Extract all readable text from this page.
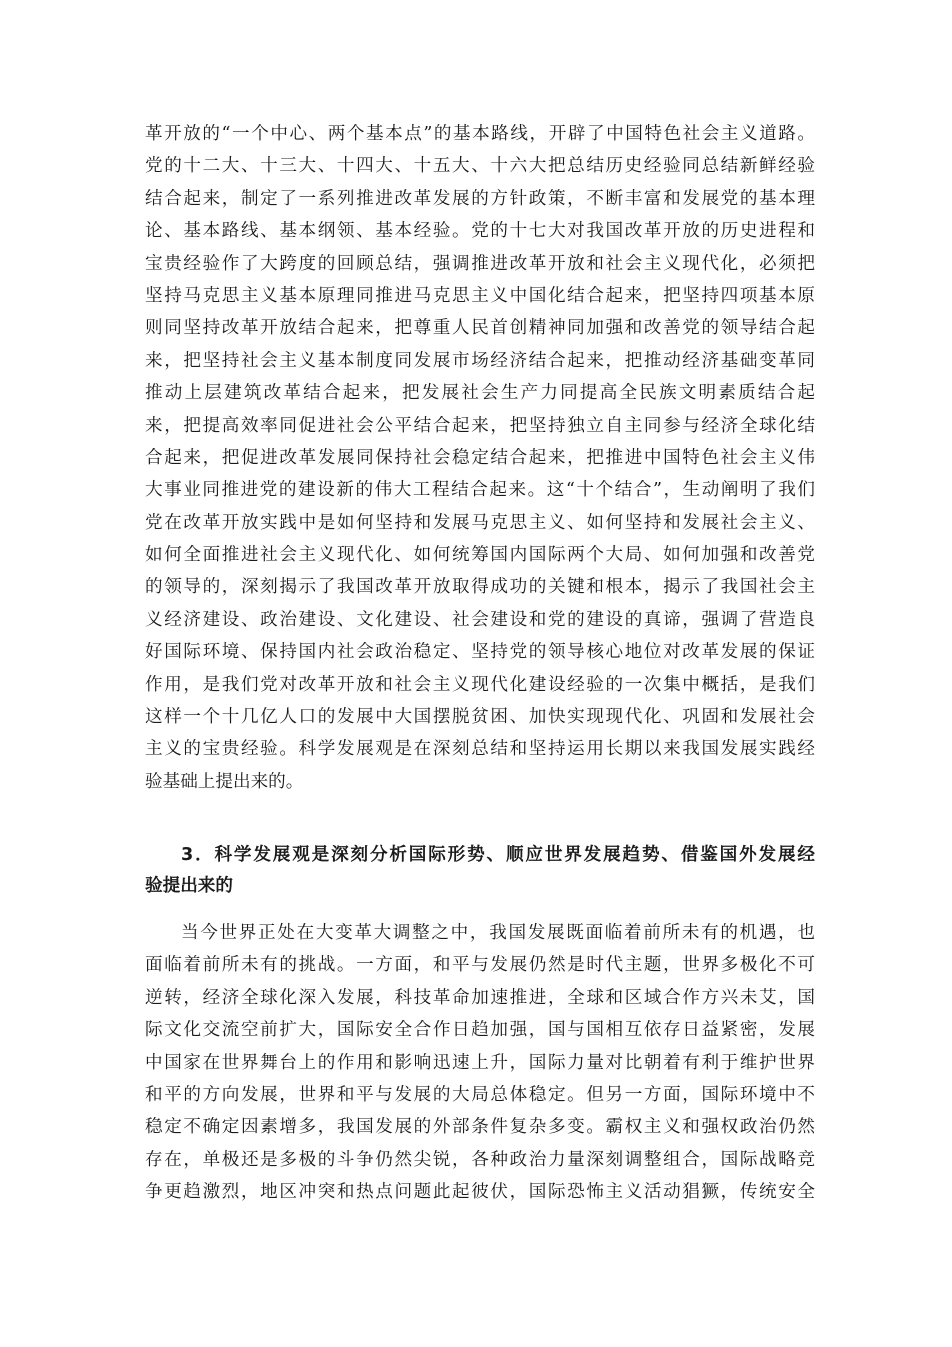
革开放的“一个中心、两个基本点”的基本路线，开辟了中国特色社会主义道路。
党的十二大、十三大、十四大、十五大、十六大把总结历史经验同总结新鲜经验
结合起来，制定了一系列推进改革发展的方针政策，不断丰富和发展党的基本理
论、基本路线、基本纲领、基本经验。党的十七大对我国改革开放的历史进程和
宝贵经验作了大跨度的回顾总结，强调推进改革开放和社会主义现代化，必须把
坚持马克思主义基本原理同推进马克思主义中国化结合起来，把坚持四项基本原
则同坚持改革开放结合起来，把尊重人民首创精神同加强和改善党的领导结合起
来，把坚持社会主义基本制度同发展市场经济结合起来，把推动经济基础变革同
推动上层建筑改革结合起来，把发展社会生产力同提高全民族文明素质结合起
来，把提高效率同促进社会公平结合起来，把坚持独立自主同参与经济全球化结
合起来，把促进改革发展同保持社会稳定结合起来，把推进中国特色社会主义伟
大事业同推进党的建设新的伟大工程结合起来。这“十个结合”，生动阐明了我们
党在改革开放实践中是如何坚持和发展马克思主义、如何坚持和发展社会主义、
如何全面推进社会主义现代化、如何统筹国内国际两个大局、如何加强和改善党
的领导的，深刻揭示了我国改革开放取得成功的关键和根本，揭示了我国社会主
义经济建设、政治建设、文化建设、社会建设和党的建设的真谛，强调了营造良
好国际环境、保持国内社会政治稳定、坚持党的领导核心地位对改革发展的保证
作用，是我们党对改革开放和社会主义现代化建设经验的一次集中概括，是我们
这样一个十几亿人口的发展中大国摆脱贫困、加快实现现代化、巩固和发展社会
主义的宝贵经验。科学发展观是在深刻总结和坚持运用长期以来我国发展实践经
验基础上提出来的。
3．科学发展观是深刻分析国际形势、顺应世界发展趋势、借鉴国外发展经
验提出来的
当今世界正处在大变革大调整之中，我国发展既面临着前所未有的机遇，也
面临着前所未有的挑战。一方面，和平与发展仍然是时代主题，世界多极化不可
逆转，经济全球化深入发展，科技革命加速推进，全球和区域合作方兴未艾，国
际文化交流空前扩大，国际安全合作日趋加强，国与国相互依存日益紧密，发展
中国家在世界舞台上的作用和影响迅速上升，国际力量对比朝着有利于维护世界
和平的方向发展，世界和平与发展的大局总体稳定。但另一方面，国际环境中不
稳定不确定因素增多，我国发展的外部条件复杂多变。霸权主义和强权政治仍然
存在，单极还是多极的斗争仍然尖锐，各种政治力量深刻调整组合，国际战略竞
争更趋激烈，地区冲突和热点问题此起彼伏，国际恐怖主义活动猖獗，传统安全
